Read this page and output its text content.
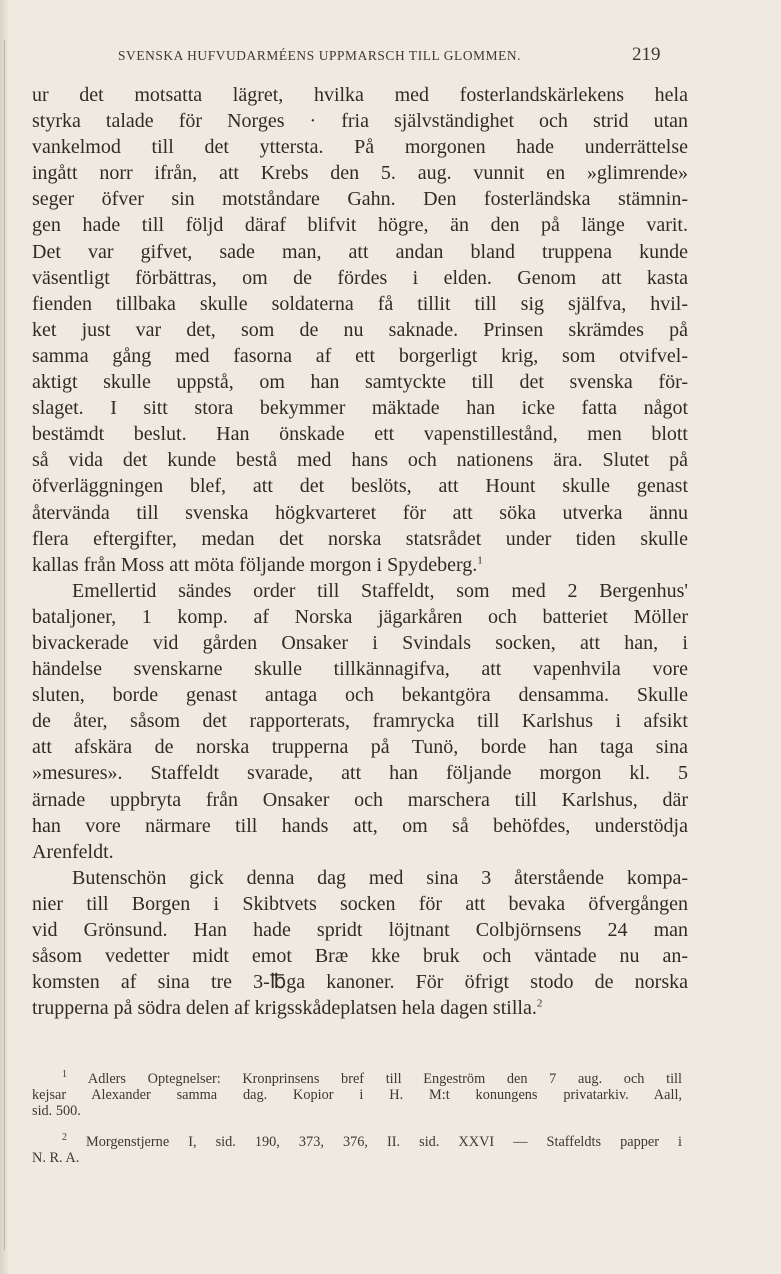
SVENSKA HUFVUDARMÉENS UPPMARSCH TILL GLOMMEN.	219
ur det motsatta lägret, hvilka med fosterlandskärlekens hela
styrka talade för Norges · fria självständighet och strid utan
vankelmod till det yttersta. På morgonen hade underrättelse
ingått norr ifrån, att Krebs den 5. aug. vunnit en »glimrende»
seger öfver sin motståndare Gahn. Den fosterländska stämnin-
gen hade till följd däraf blifvit högre, än den på länge varit.
Det var gifvet, sade man, att andan bland truppena kunde
väsentligt förbättras, om de fördes i elden. Genom att kasta
fienden tillbaka skulle soldaterna få tillit till sig själfva, hvil-
ket just var det, som de nu saknade. Prinsen skrämdes på
samma gång med fasorna af ett borgerligt krig, som otvifvel-
aktigt skulle uppstå, om han samtyckte till det svenska för-
slaget. I sitt stora bekymmer mäktade han icke fatta något
bestämdt beslut. Han önskade ett vapenstillestånd, men blott
så vida det kunde bestå med hans och nationens ära. Slutet på
öfverläggningen blef, att det beslöts, att Hount skulle genast
återvända till svenska högkvarteret för att söka utverka ännu
flera eftergifter, medan det norska statsrådet under tiden skulle
kallas från Moss att möta följande morgon i Spydeberg.$^1$
Emellertid sändes order till Staffeldt, som med 2 Bergenhus'
bataljoner, 1 komp. af Norska jägarkåren och batteriet Möller
bivackerade vid gården Onsaker i Svindals socken, att han, i
händelse svenskarne skulle tillkännagifva, att vapenhvila vore
sluten, borde genast antaga och bekantgöra densamma. Skulle
de åter, såsom det rapporterats, framrycka till Karlshus i afsikt
att afskära de norska trupperna på Tunö, borde han taga sina
»mesures». Staffeldt svarade, att han följande morgon kl. 5
ärnade uppbryta från Onsaker och marschera till Karlshus, där
han vore närmare till hands att, om så behöfdes, understödja
Arenfeldt.
Butenschön gick denna dag med sina 3 återstående kompa-
nier till Borgen i Skibtvets socken för att bevaka öfvergången
vid Grönsund. Han hade spridt löjtnant Colbjörnsens 24 man
såsom vedetter midt emot Bræ kke bruk och väntade nu an-
komsten af sina tre 3-℔ga kanoner. För öfrigt stodo de norska
trupperna på södra delen af krigsskådeplatsen hela dagen stilla.$^2$
$^1$ Adlers Optegnelser: Kronprinsens bref till Engeström den 7 aug. och till
kejsar Alexander samma dag. Kopior i H. M:t konungens privatarkiv. Aall,
sid. 500.
$^2$ Morgenstjerne I, sid. 190, 373, 376, II. sid. XXVI — Staffeldts papper i
N. R. A.
